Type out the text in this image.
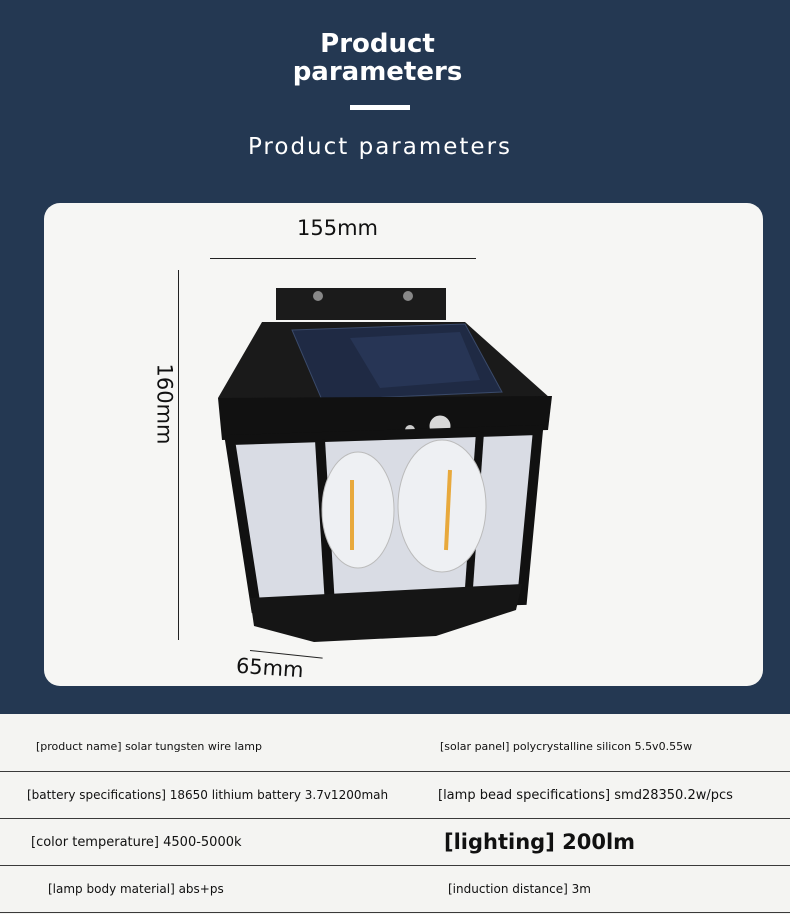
Product
parameters
Product parameters
155mm
160mm
65mm
[product name] solar tungsten wire lamp	[solar panel] polycrystalline silicon 5.5v0.55w
[battery specifications] 18650 lithium battery 3.7v1200mah	[lamp bead specifications] smd28350.2w/pcs
[color temperature] 4500-5000k	[lighting] 200lm
[lamp body material] abs+ps	[induction distance] 3m
